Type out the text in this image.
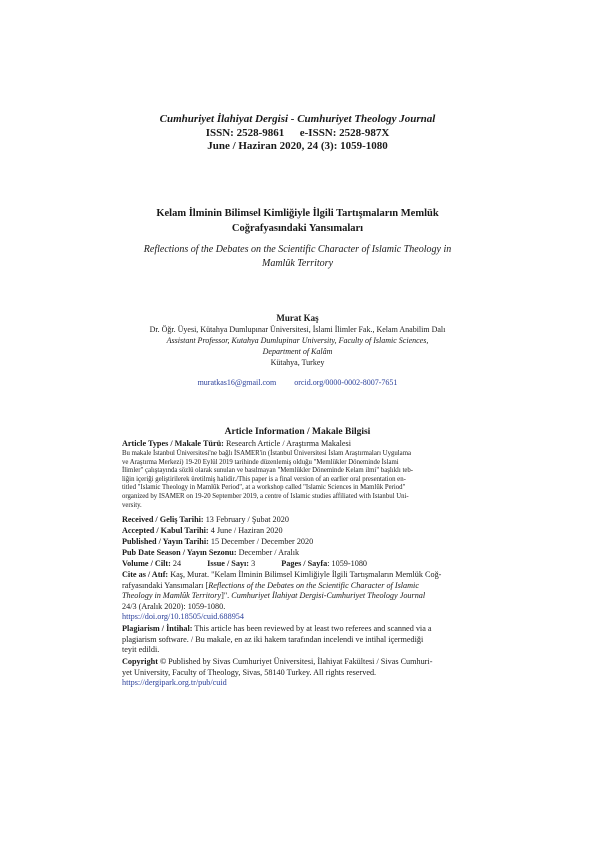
Cumhuriyet İlahiyat Dergisi - Cumhuriyet Theology Journal
ISSN: 2528-9861 e-ISSN: 2528-987X
June / Haziran 2020, 24 (3): 1059-1080
Kelam İlminin Bilimsel Kimliğiyle İlgili Tartışmaların Memlük
Coğrafyasındaki Yansımaları
Reflections of the Debates on the Scientific Character of Islamic Theology in
Mamlûk Territory
Murat Kaş
Dr. Öğr. Üyesi, Kütahya Dumlupınar Üniversitesi, İslami İlimler Fak., Kelam Anabilim Dalı
Assistant Professor, Kutahya Dumlupinar University, Faculty of Islamic Sciences,
Department of Kalâm
Kütahya, Turkey
muratkas16@gmail.com orcid.org/0000-0002-8007-7651
Article Information / Makale Bilgisi
Article Types / Makale Türü: Research Article / Araştırma Makalesi
Bu makale İstanbul Üniversitesi'ne bağlı İSAMER'in (İstanbul Üniversitesi İslam Araştırmaları Uygulama
ve Araştırma Merkezi) 19-20 Eylül 2019 tarihinde düzenlemiş olduğu "Memlükler Döneminde İslami
İlimler" çalıştayında sözlü olarak sunulan ve basılmayan "Memlükler Döneminde Kelam ilmi" başlıklı teb-
liğin içeriği geliştirilerek üretilmiş halidir./This paper is a final version of an earlier oral presentation en-
titled "Islamic Theology in Mamlûk Period", at a workshop called "Islamic Sciences in Mamlûk Period"
organized by ISAMER on 19-20 September 2019, a centre of Islamic studies affiliated with Istanbul Uni-
versity.
Received / Geliş Tarihi: 13 February / Şubat 2020
Accepted / Kabul Tarihi: 4 June / Haziran 2020
Published / Yayın Tarihi: 15 December / December 2020
Pub Date Season / Yayın Sezonu: December / Aralık
Volume / Cilt: 24	Issue / Sayı: 3	Pages / Sayfa: 1059-1080
Cite as / Atıf: Kaş, Murat. "Kelam İlminin Bilimsel Kimliğiyle İlgili Tartışmaların Memlük Coğ-
rafyasındaki Yansımaları [Reflections of the Debates on the Scientific Character of Islamic
Theology in Mamlûk Territory]". Cumhuriyet İlahiyat Dergisi-Cumhuriyet Theology Journal
24/3 (Aralık 2020): 1059-1080.
https://doi.org/10.18505/cuid.688954
Plagiarism / İntihal: This article has been reviewed by at least two referees and scanned via a
plagiarism software. / Bu makale, en az iki hakem tarafından incelendi ve intihal içermediği
teyit edildi.
Copyright © Published by Sivas Cumhuriyet Üniversitesi, İlahiyat Fakültesi / Sivas Cumhuri-
yet University, Faculty of Theology, Sivas, 58140 Turkey. All rights reserved.
https://dergipark.org.tr/pub/cuid
